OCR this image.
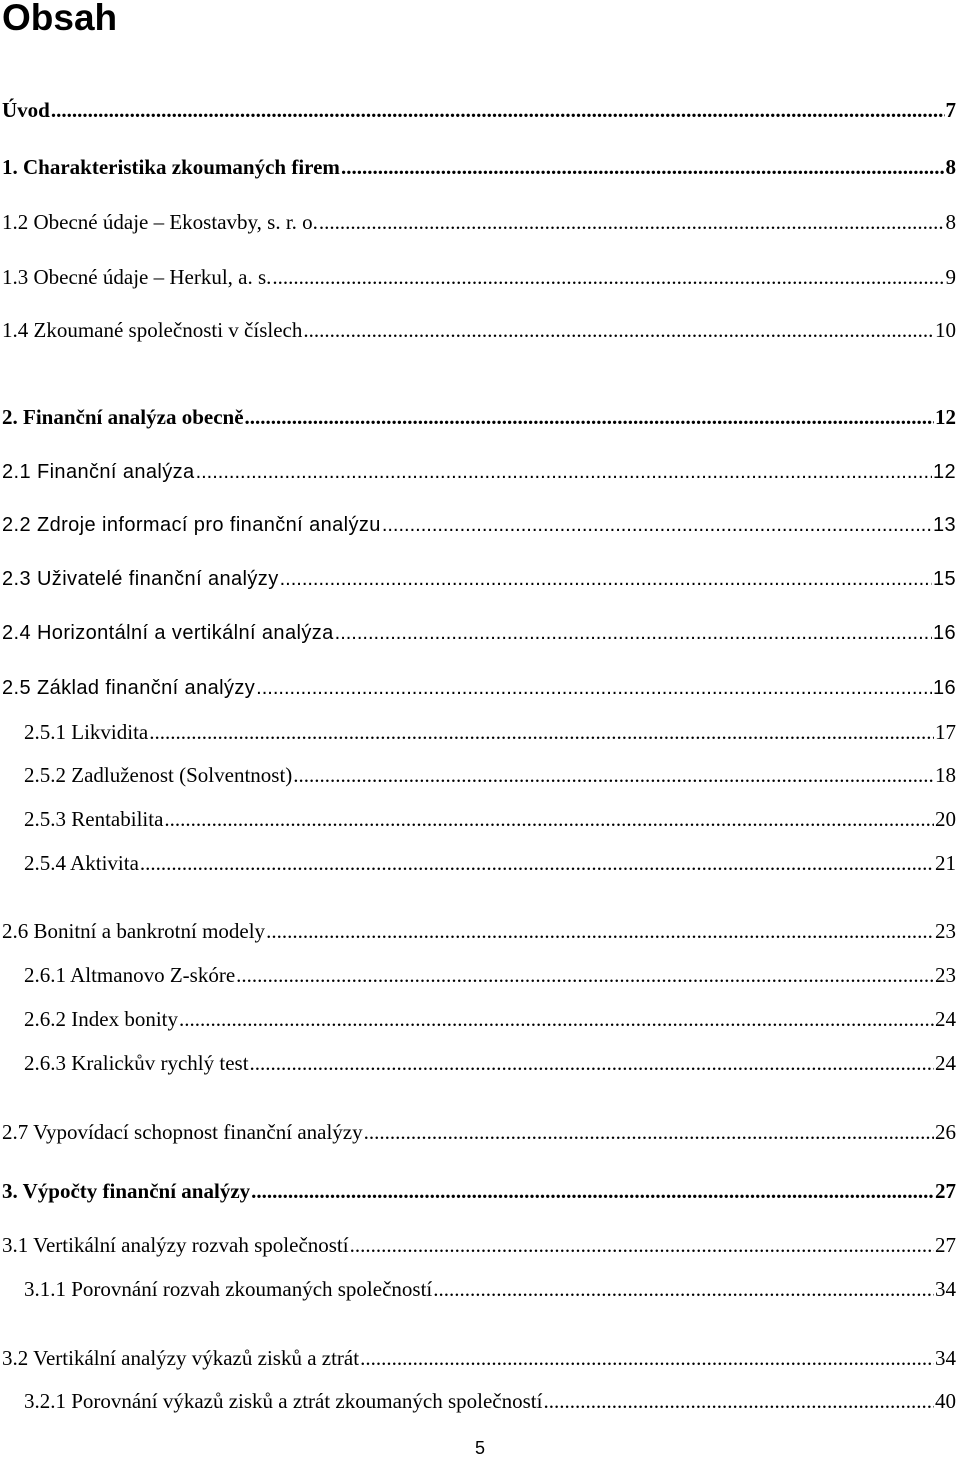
Obsah
Úvod .....	7
1. Charakteristika zkoumaných firem .....	8
1.2 Obecné údaje – Ekostavby, s. r. o. .....	8
1.3 Obecné údaje – Herkul, a. s. .....	9
1.4 Zkoumané společnosti v číslech .....	10
2. Finanční analýza obecně .....	12
2.1 Finanční analýza .....	12
2.2 Zdroje informací pro finanční analýzu .....	13
2.3 Uživatelé finanční analýzy .....	15
2.4 Horizontální a vertikální analýza .....	16
2.5 Základ finanční analýzy .....	16
2.5.1 Likvidita .....	17
2.5.2 Zadluženost (Solventnost) .....	18
2.5.3 Rentabilita .....	20
2.5.4 Aktivita .....	21
2.6 Bonitní a bankrotní modely .....	23
2.6.1 Altmanovo Z-skóre .....	23
2.6.2 Index bonity .....	24
2.6.3 Kralickův rychlý test .....	24
2.7 Vypovídací schopnost finanční analýzy .....	26
3. Výpočty finanční analýzy .....	27
3.1 Vertikální analýzy rozvah společností .....	27
3.1.1 Porovnání rozvah zkoumaných společností .....	34
3.2 Vertikální analýzy výkazů zisků a ztrát .....	34
3.2.1 Porovnání výkazů zisků a ztrát zkoumaných společností .....	40
5
